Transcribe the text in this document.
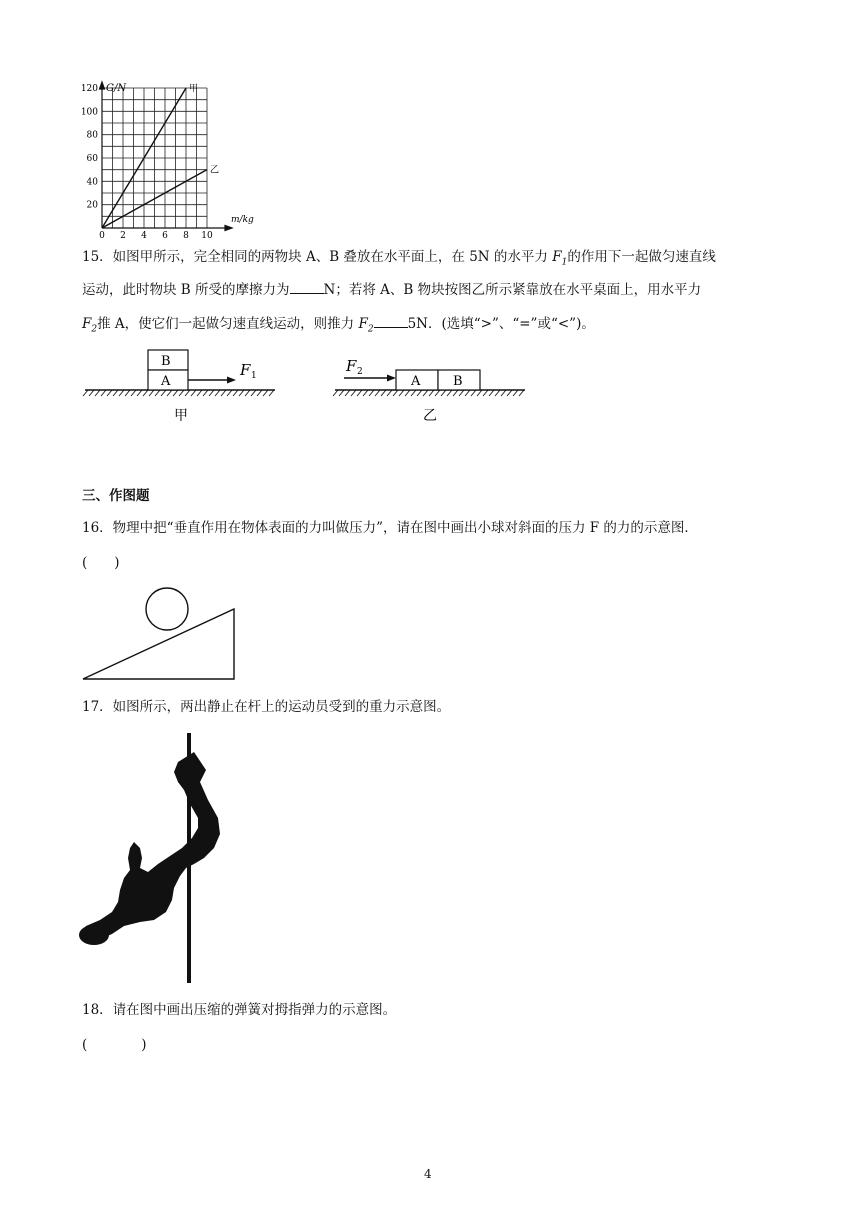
120
100
80
60
40
20
0 2 4 6 8 10
甲
乙
G/N
m/kg
15．如图甲所示，完全相同的两物块 A、B 叠放在水平面上，在 5N 的水平力 $F_1$的作用下一起做匀速直线
运动，此时物块 B 所受的摩擦力为	N；若将 A、B 物块按图乙所示紧靠放在水平桌面上，用水平力
$F_2$推 A，使它们一起做匀速直线运动，则推力 $F_2$	5N．(选填“>”、“=”或“<”)。
B
A
F 1
甲
F 2
A	B
乙
三、作图题
16．物理中把“垂直作用在物体表面的力叫做压力”，请在图中画出小球对斜面的压力 F 的力的示意图．
(　　)
17．如图所示，两出静止在杆上的运动员受到的重力示意图。
18．请在图中画出压缩的弹簧对拇指弹力的示意图。
(　　　　)
4
